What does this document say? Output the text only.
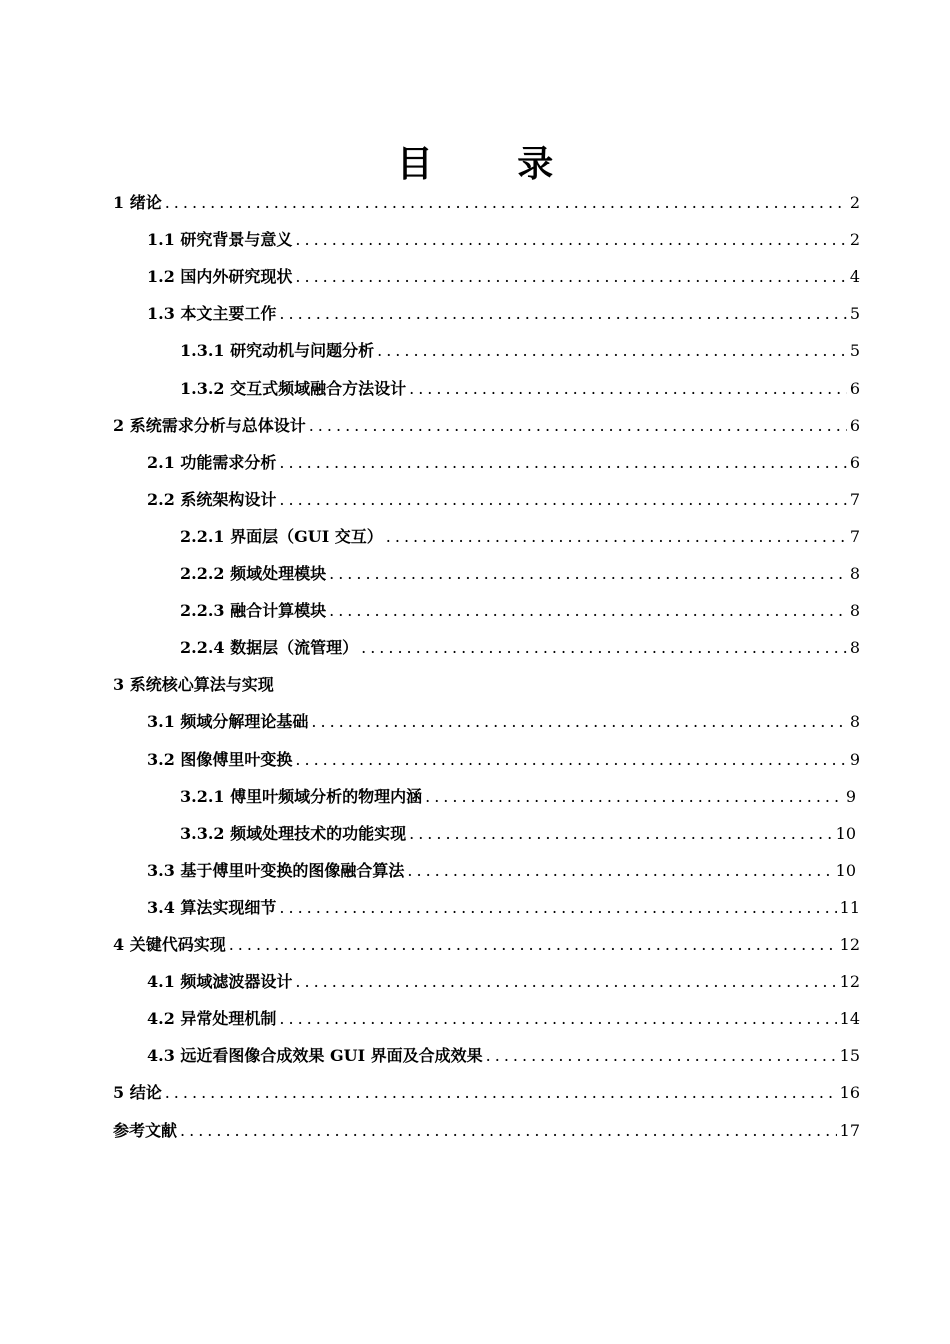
目 录
1 绪论 .....	2
1.1 研究背景与意义 .....	2
1.2 国内外研究现状 .....	4
1.3 本文主要工作 .....	5
1.3.1 研究动机与问题分析 .....	5
1.3.2 交互式频域融合方法设计 .....	6
2 系统需求分析与总体设计 .....	6
2.1 功能需求分析 .....	6
2.2 系统架构设计 .....	7
2.2.1 界面层（GUI 交互） .....	7
2.2.2 频域处理模块 .....	8
2.2.3 融合计算模块 .....	8
2.2.4 数据层（流管理） .....	8
3 系统核心算法与实现
3.1 频域分解理论基础 .....	8
3.2 图像傅里叶变换 .....	9
3.2.1 傅里叶频域分析的物理内涵 .....	9
3.3.2 频域处理技术的功能实现 .....	10
3.3 基于傅里叶变换的图像融合算法 .....	10
3.4 算法实现细节 .....	11
4 关键代码实现 .....	12
4.1 频域滤波器设计 .....	12
4.2 异常处理机制 .....	14
4.3 远近看图像合成效果 GUI 界面及合成效果 .....	15
5 结论 .....	16
参考文献 .....	17
